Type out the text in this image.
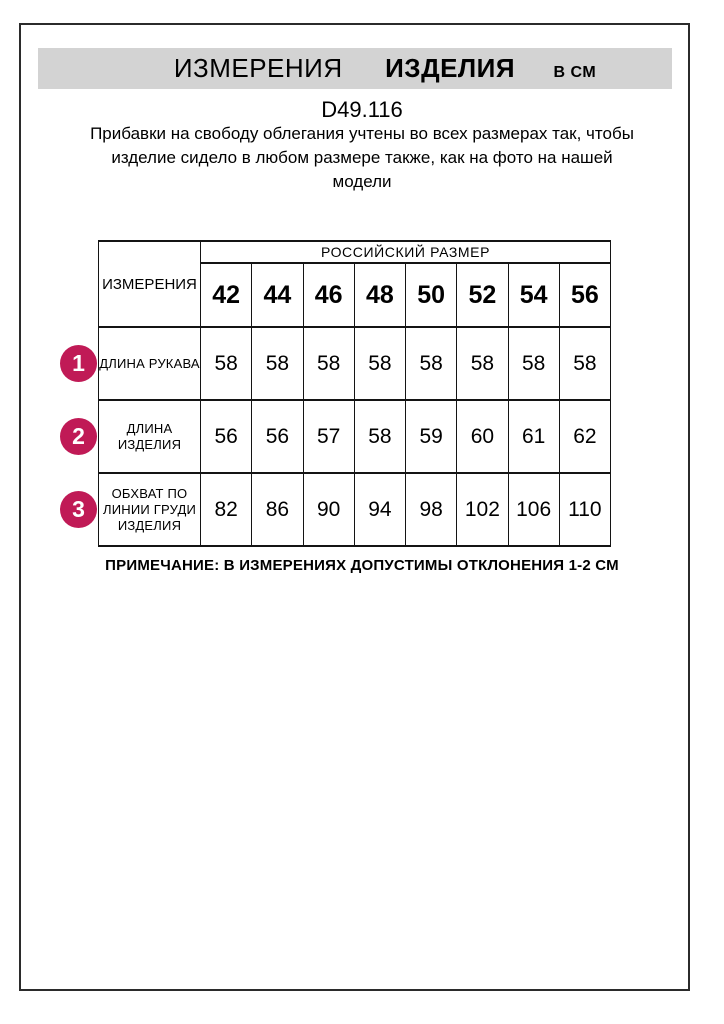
ИЗМЕРЕНИЯ ИЗДЕЛИЯ В СМ
D49.116
Прибавки на свободу облегания учтены во всех размерах так, чтобы
изделие сидело в любом размере также, как на фото на нашей
модели
ИЗМЕРЕНИЯ	РОССИЙСКИЙ РАЗМЕР							
	42	44	46	48	50	52	54	56
ДЛИНА РУКАВА	58	58	58	58	58	58	58	58
ДЛИНА
ИЗДЕЛИЯ	56	56	57	58	59	60	61	62
ОБХВАТ ПО
ЛИНИИ ГРУДИ
ИЗДЕЛИЯ	82	86	90	94	98	102	106	110
1
2
3
ПРИМЕЧАНИЕ: В ИЗМЕРЕНИЯХ ДОПУСТИМЫ ОТКЛОНЕНИЯ 1-2 СМ
